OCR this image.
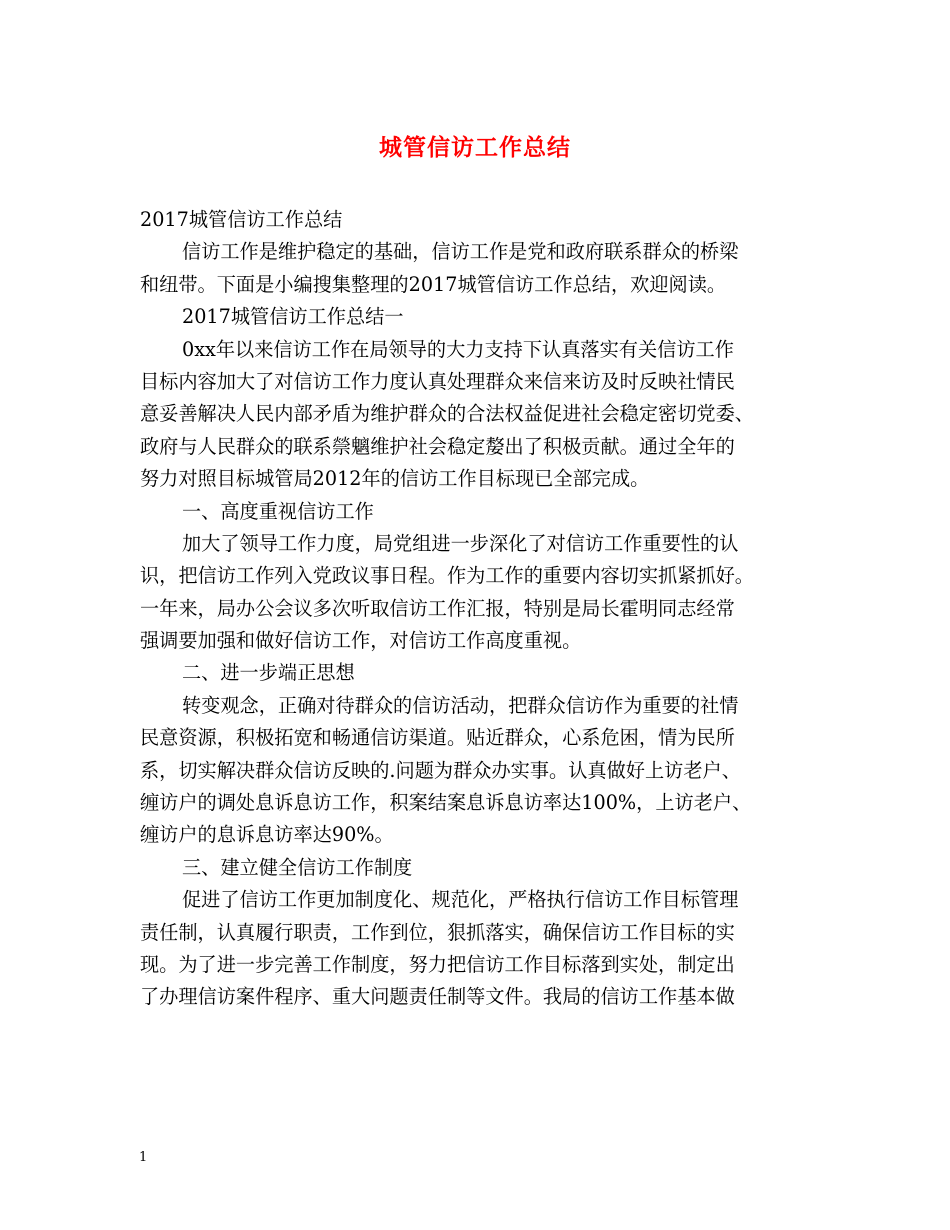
城管信访工作总结
2017城管信访工作总结
信访工作是维护稳定的基础，信访工作是党和政府联系群众的桥梁
和纽带。下面是小编搜集整理的2017城管信访工作总结，欢迎阅读。
2017城管信访工作总结一
0xx年以来信访工作在局领导的大力支持下认真落实有关信访工作
目标内容加大了对信访工作力度认真处理群众来信来访及时反映社情民
意妥善解决人民内部矛盾为维护群众的合法权益促进社会稳定密切党委、
政府与人民群众的联系禜魑维护社会稳定嫠出了积极贡献。通过全年的
努力对照目标城管局2012年的信访工作目标现已全部完成。
一、高度重视信访工作
加大了领导工作力度，局党组进一步深化了对信访工作重要性的认
识，把信访工作列入党政议事日程。作为工作的重要内容切实抓紧抓好。
一年来，局办公会议多次听取信访工作汇报，特别是局长霍明同志经常
强调要加强和做好信访工作，对信访工作高度重视。
二、进一步端正思想
转变观念，正确对待群众的信访活动，把群众信访作为重要的社情
民意资源，积极拓宽和畅通信访渠道。贴近群众，心系危困，情为民所
系，切实解决群众信访反映的.问题为群众办实事。认真做好上访老户、
缠访户的调处息诉息访工作，积案结案息诉息访率达100%，上访老户、
缠访户的息诉息访率达90%。
三、建立健全信访工作制度
促进了信访工作更加制度化、规范化，严格执行信访工作目标管理
责任制，认真履行职责，工作到位，狠抓落实，确保信访工作目标的实
现。为了进一步完善工作制度，努力把信访工作目标落到实处，制定出
了办理信访案件程序、重大问题责任制等文件。我局的信访工作基本做
1
